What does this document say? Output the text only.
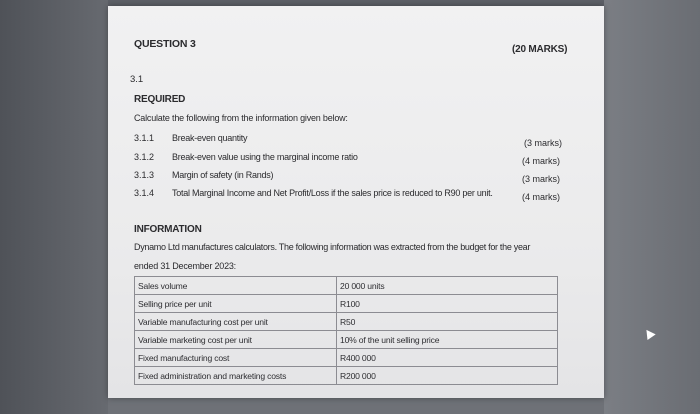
QUESTION 3	(20 MARKS)
3.1
REQUIRED
Calculate the following from the information given below:
3.1.1 Break-even quantity	(3 marks)
3.1.2 Break-even value using the marginal income ratio	(4 marks)
3.1.3 Margin of safety (in Rands)	(3 marks)
3.1.4 Total Marginal Income and Net Profit/Loss if the sales price is reduced to R90 per unit.	(4 marks)
INFORMATION
Dynamo Ltd manufactures calculators. The following information was extracted from the budget for the year
ended 31 December 2023:
Sales volume	20 000 units
Selling price per unit	R100
Variable manufacturing cost per unit	R50
Variable marketing cost per unit	10% of the unit selling price
Fixed manufacturing cost	R400 000
Fixed administration and marketing costs	R200 000
